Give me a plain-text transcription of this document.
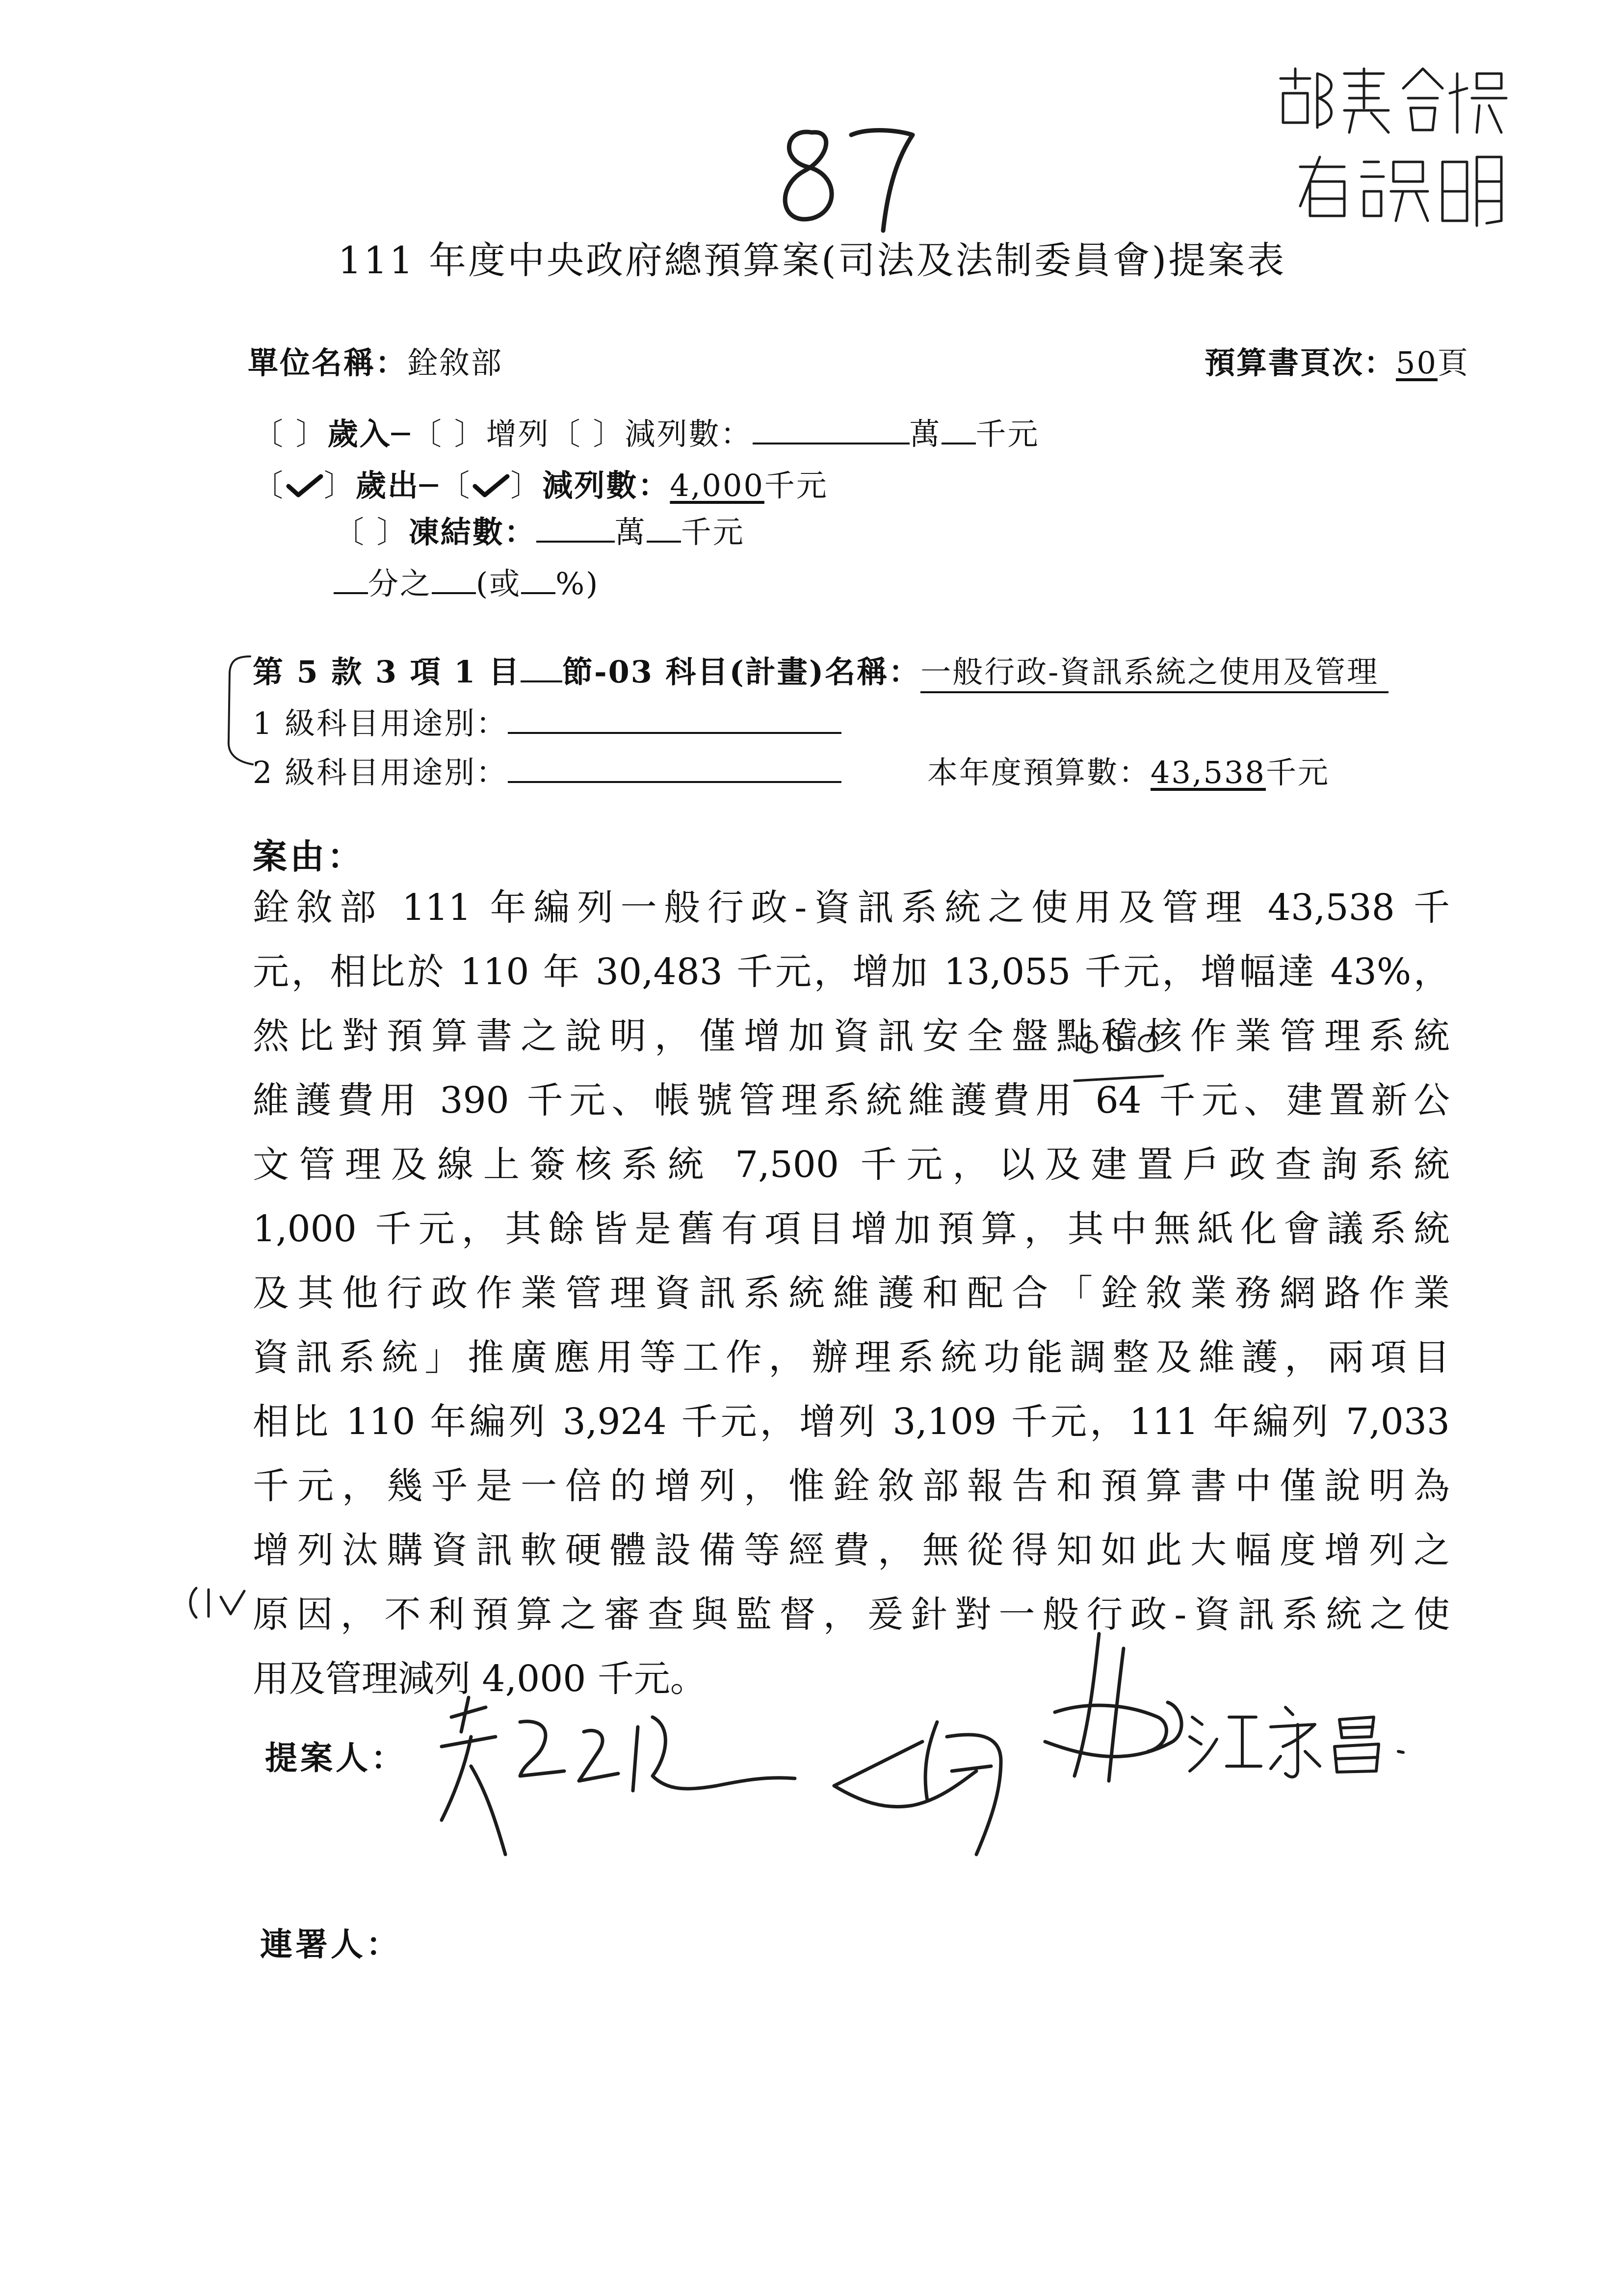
111 年度中央政府總預算案(司法及法制委員會)提案表
單位名稱：銓敘部	預算書頁次：50頁
〔 〕 歲入─ 〔 〕 增列 〔 〕 減列數：	萬 千元
〔 〕 歲出─ 〔 〕 減列數： 4,000 千元
〔 〕 凍結數：	萬 千元
分之 (或 %)
第 5 款 3 項 1 目 節-03 科目(計畫)名稱： 一般行政-資訊系統之使用及管理
1 級科目用途別：
2 級科目用途別：	本年度預算數： 43,538 千元
案由：
銓敘部 111 年編列一般行政-資訊系統之使用及管理 43,538 千
元，相比於 110 年 30,483 千元，增加 13,055 千元，增幅達 43%，
然比對預算書之說明，僅增加資訊安全盤點稽核作業管理系統
維護費用 390 千元、帳號管理系統維護費用 64 千元、建置新公
文管理及線上簽核系統 7,500 千元，以及建置戶政查詢系統
1,000 千元，其餘皆是舊有項目增加預算，其中無紙化會議系統
及其他行政作業管理資訊系統維護和配合「銓敘業務網路作業
資訊系統」推廣應用等工作，辦理系統功能調整及維護，兩項目
相比 110 年編列 3,924 千元，增列 3,109 千元，111 年編列 7,033
千元，幾乎是一倍的增列，惟銓敘部報告和預算書中僅說明為
增列汰購資訊軟硬體設備等經費，無從得知如此大幅度增列之
原因，不利預算之審查與監督，爰針對一般行政-資訊系統之使
用及管理減列 4,000 千元。
提案人：
連署人：
